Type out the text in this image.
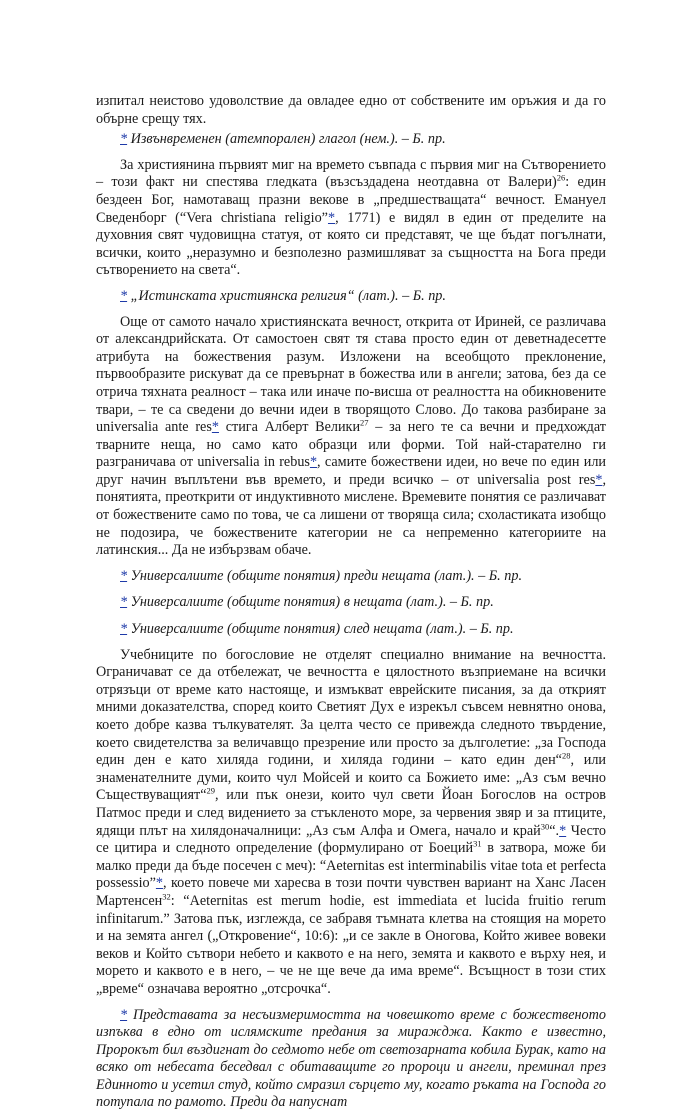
изпитал неистово удоволствие да овладее едно от собствените им оръжия и да го обърне срещу тях.

* Извънвременен (атемпорален) глагол (нем.). – Б. пр.

За християнина първият миг на времето съвпада с първия миг на Сътворението – този факт ни спестява гледката (възсъздадена неотдавна от Валери)$^{26}$: един бездеен Бог, намотаващ празни векове в „предшестващата“ вечност. Емануел Сведенборг (“Vera christiana religio”*, 1771) е видял в един от пределите на духовния свят чудовищна статуя, от която си представят, че ще бъдат погълнати, всички, които „неразумно и безполезно размишляват за същността на Бога преди сътворението на света“.

* „Истинската християнска религия“ (лат.). – Б. пр.

Още от самото начало християнската вечност, открита от Ириней, се различава от александрийската. От самостоен свят тя става просто един от деветнадесетте атрибута на божествения разум. Изложени на всеобщото преклонение, първообразите рискуват да се превърнат в божества или в ангели; затова, без да се отрича тяхната реалност – така или иначе по-висша от реалността на обикновените твари, – те са сведени до вечни идеи в творящото Слово. До такова разбиране за universalia ante res* стига Алберт Велики$^{27}$ – за него те са вечни и предхождат тварните неща, но само като образци или форми. Той най-старателно ги разграничава от universalia in rebus*, самите божествени идеи, но вече по един или друг начин въплътени във времето, и преди всичко – от universalia post res*, понятията, преоткрити от индуктивното мислене. Времевите понятия се различават от божествените само по това, че са лишени от творяща сила; схоластиката изобщо не подозира, че божествените категории не са непременно категориите на латинския... Да не избързвам обаче.

* Универсалиите (общите понятия) преди нещата (лат.). – Б. пр.

* Универсалиите (общите понятия) в нещата (лат.). – Б. пр.

* Универсалиите (общите понятия) след нещата (лат.). – Б. пр.

Учебниците по богословие не отделят специално внимание на вечността. Ограничават се да отбележат, че вечността е цялостното възприемане на всички отрязъци от време като настояще, и измъкват еврейските писания, за да открият мними доказателства, според които Светият Дух е изрекъл съвсем невнятно онова, което добре казва тълкувателят. За целта често се привежда следното твърдение, което свидетелства за величавщо презрение или просто за дълголетие: „за Господа един ден е като хиляда години, и хиляда години – като един ден“$^{28}$, или знаменателните думи, които чул Мойсей и които са Божието име: „Аз съм вечно Съществуващият“$^{29}$, или пък онези, които чул свети Йоан Богослов на остров Патмос преди и след видението за стъкленото море, за червения звяр и за птиците, ядящи плът на хилядоначалници: „Аз съм Алфа и Омега, начало и край$^{30}$“.* Често се цитира и следното определение (формулирано от Боеций$^{31}$ в затвора, може би малко преди да бъде посечен с меч): “Aeternitas est interminabilis vitae tota et perfecta possessio”*, което повече ми харесва в този почти чувствен вариант на Ханс Ласен Мартенсен$^{32}$: “Aeternitas est merum hodie, est immediata et lucida fruitio rerum infinitarum.” Затова пък, изглежда, се забравя тъмната клетва на стоящия на морето и на земята ангел („Откровение“, 10:6): „и се закле в Оногова, Който живее вовеки веков и Който сътвори небето и каквото е на него, земята и каквото е върху нея, и морето и каквото е в него, – че не ще вече да има време“. Всъщност в този стих „време“ означава вероятно „отсрочка“.

* Представата за несъизмеримостта на човешкото време с божественото изпъква в едно от ислямските предания за миражджа. Както е известно, Пророкът бил въздигнат до седмото небе от светозарната кобила Бурак, като на всяко от небесата беседвал с обитаващите го пророци и ангели, преминал през Единното и усетил студ, който смразил сърцето му, когато ръката на Господа го потупала по рамото. Преди да напуснат
